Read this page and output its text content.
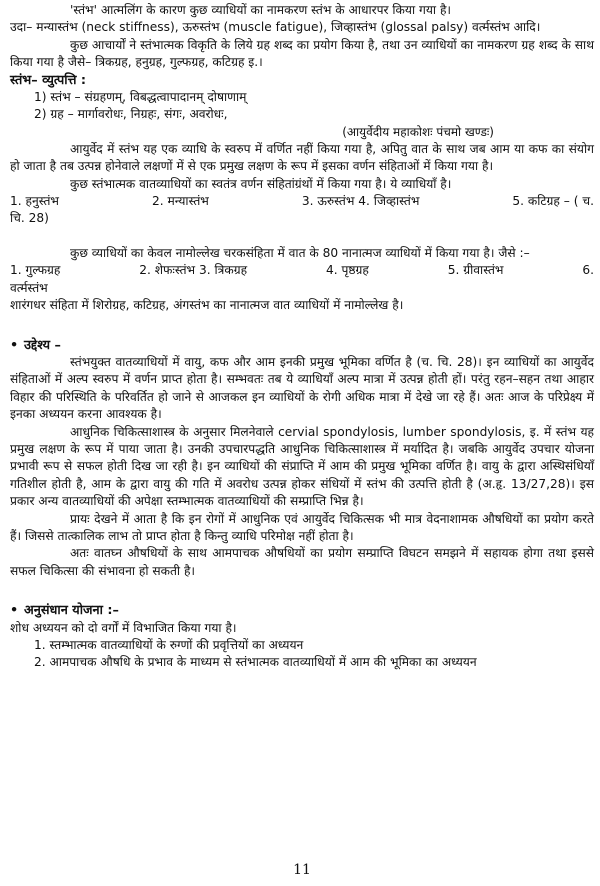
'स्तंभ' आत्मलिंग के कारण कुछ व्याधियों का नामकरण स्तंभ के आधारपर किया गया है।

उदा– मन्यास्तंभ (neck stiffness), ऊरुस्तंभ (muscle fatigue), जिव्हास्तंभ (glossal palsy) वर्त्मस्तंभ आदि।

कुछ आचार्यों ने स्तंभात्मक विकृति के लिये ग्रह शब्द का प्रयोग किया है, तथा उन व्याधियों का नामकरण ग्रह शब्द के साथ किया गया है जैसे– त्रिकग्रह, हनुग्रह, गुल्फग्रह, कटिग्रह इ.।

स्तंभ– व्युत्पत्ति :
1) स्तंभ – संग्रहणम्, विबद्धत्वापादानम् दोषाणाम्
2) ग्रह – मार्गावरोधः, निग्रहः, संगः, अवरोधः,
(आयुर्वेदीय महाकोशः पंचमो खण्डः)

आयुर्वेद में स्तंभ यह एक व्याधि के स्वरुप में वर्णित नहीं किया गया है, अपितु वात के साथ जब आम या कफ का संयोग हो जाता है तब उत्पन्न होनेवाले लक्षणों में से एक प्रमुख लक्षण के रूप में इसका वर्णन संहिताओं में किया गया है।

कुछ स्तंभात्मक वातव्याधियों का स्वतंत्र वर्णन संहितांग्रंथों में किया गया है। ये व्याधियाँ है।

1. हनुस्तंभ	2. मन्यास्तंभ	3. ऊरुस्तंभ 4. जिव्हास्तंभ	5. कटिग्रह – ( च.
चि. 28)

कुछ व्याधियों का केवल नामोल्लेख चरकसंहिता में वात के 80 नानात्मज व्याधियों में किया गया है। जैसे :–

1. गुल्फग्रह	2. शेफःस्तंभ 3. त्रिकग्रह	4. पृष्ठग्रह	5. ग्रीवास्तंभ	6.
वर्त्मस्तंभ

शारंगधर संहिता में शिरोग्रह, कटिग्रह, अंगस्तंभ का नानात्मज वात व्याधियों में नामोल्लेख है।

• उद्देश्य –

स्तंभयुक्त वातव्याधियों में वायु, कफ और आम इनकी प्रमुख भूमिका वर्णित है (च. चि. 28)। इन व्याधियों का आयुर्वेद संहिताओं में अल्प स्वरुप में वर्णन प्राप्त होता है। सम्भवतः तब ये व्याधियाँ अल्प मात्रा में उत्पन्न होती हों। परंतु रहन–सहन तथा आहार विहार की परिस्थिति के परिवर्तित हो जाने से आजकल इन व्याधियों के रोगी अधिक मात्रा में देखे जा रहे हैं। अतः आज के परिप्रेक्ष्य में इनका अध्ययन करना आवश्यक है।

आधुनिक चिकित्साशास्त्र के अनुसार मिलनेवाले cervial spondylosis, lumber spondylosis, इ. में स्तंभ यह प्रमुख लक्षण के रूप में पाया जाता है। उनकी उपचारपद्धति आधुनिक चिकित्साशास्त्र में मर्यादित है। जबकि आयुर्वेद उपचार योजना प्रभावी रूप से सफल होती दिख जा रही है। इन व्याधियों की संप्राप्ति में आम की प्रमुख भूमिका वर्णित है। वायु के द्वारा अस्थिसंधियाँ गतिशील होती है, आम के द्वारा वायु की गति में अवरोध उत्पन्न होकर संधियों में स्तंभ की उत्पत्ति होती है (अ.हृ. 13/27,28)। इस प्रकार अन्य वातव्याधियों की अपेक्षा स्तम्भात्मक वातव्याधियों की सम्प्राप्ति भिन्न है।

प्रायः देखने में आता है कि इन रोगों में आधुनिक एवं आयुर्वेद चिकित्सक भी मात्र वेदनाशामक औषधियों का प्रयोग करते हैं। जिससे तात्कालिक लाभ तो प्राप्त होता है किन्तु व्याधि परिमोक्ष नहीं होता है।

अतः वातघ्न औषधियों के साथ आमपाचक औषधियों का प्रयोग सम्प्राप्ति विघटन समझने में सहायक होगा तथा इससे सफल चिकित्सा की संभावना हो सकती है।

• अनुसंधान योजना :–

शोध अध्ययन को दो वर्गों में विभाजित किया गया है।

1. स्तम्भात्मक वातव्याधियों के रुग्णों की प्रवृत्तियों का अध्ययन
2. आमपाचक औषधि के प्रभाव के माध्यम से स्तंभात्मक वातव्याधियों में आम की भूमिका का अध्ययन
11
